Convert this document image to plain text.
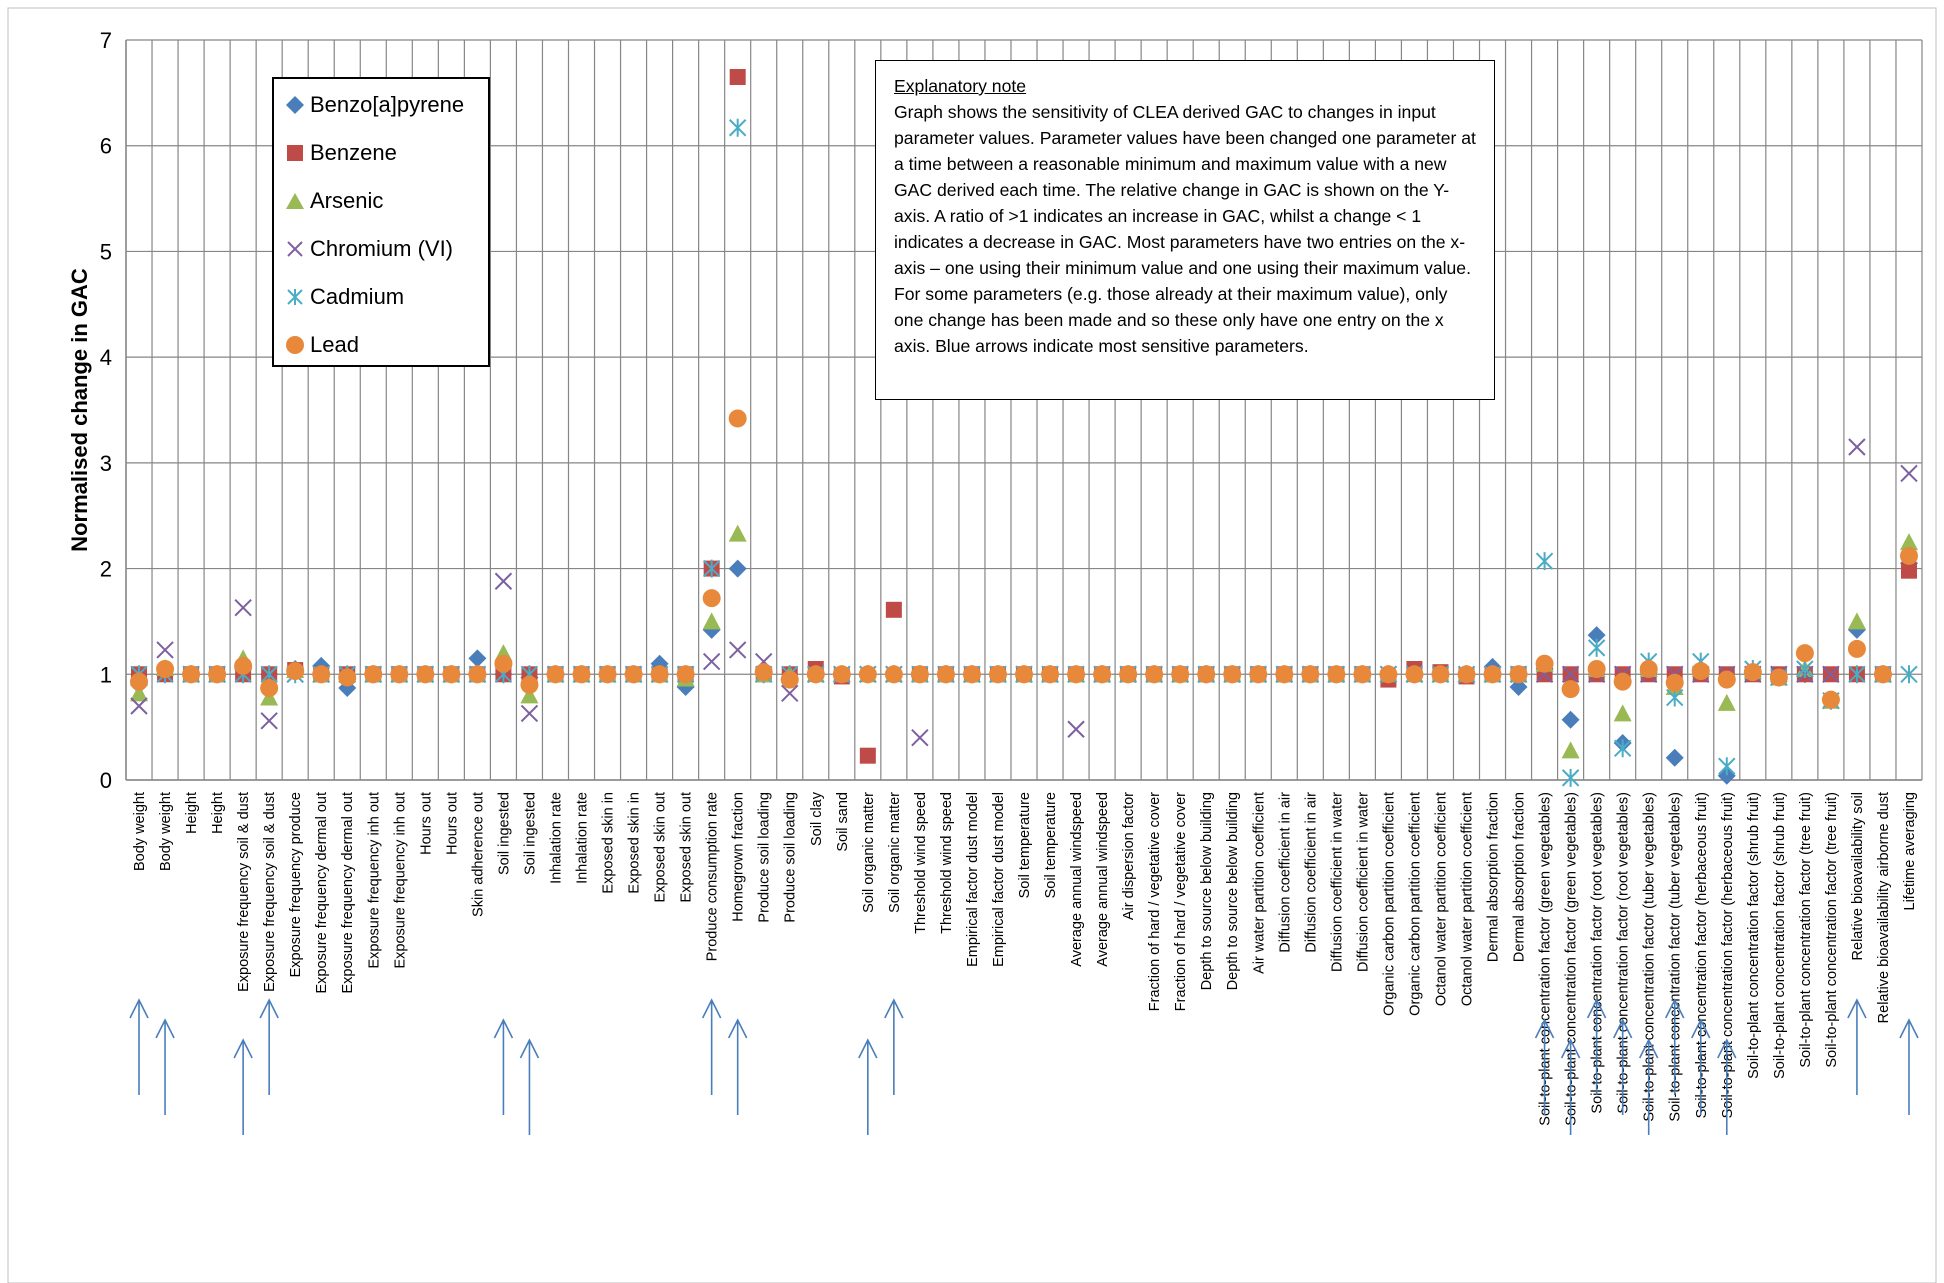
0
1
2
3
4
5
6
7
Body weight Body weight Height Height Exposure frequency soil & dust Exposure frequency soil & dust Exposure frequency produce Exposure frequency dermal out Exposure frequency dermal out Exposure frequency inh out Exposure frequency inh out Hours out Hours out Skin adherence out Soil ingested Soil ingested Inhalation rate Inhalation rate Exposed skin in Exposed skin in Exposed skin out Exposed skin out Produce consumption rate Homegrown fraction Produce soil loading Produce soil loading Soil clay Soil sand Soil organic matter Soil organic matter Threshold wind speed Threshold wind speed Empirical factor dust model Empirical factor dust model Soil temperature Soil temperature Average annual windspeed Average annual windspeed Air dispersion factor Fraction of hard / vegetative cover Fraction of hard / vegetative cover Depth to source below building Depth to source below building Air water partition coefficient Diffusion coefficient in air Diffusion coefficient in air Diffusion coefficient in water Diffusion coefficient in water Organic carbon partition coefficient Organic carbon partition coefficient Octanol water partition coefficient Octanol water partition coefficient Dermal absorption fraction Dermal absorption fraction Soil-to-plant concentration factor (green vegetables) Soil-to-plant concentration factor (green vegetables) Soil-to-plant concentration factor (root vegetables) Soil-to-plant concentration factor (root vegetables) Soil-to-plant concentration factor (tuber vegetables) Soil-to-plant concentration factor (tuber vegetables) Soil-to-plant concentration factor (herbaceous fruit) Soil-to-plant concentration factor (herbaceous fruit) Soil-to-plant concentration factor (shrub fruit) Soil-to-plant concentration factor (shrub fruit) Soil-to-plant concentration factor (tree fruit) Soil-to-plant concentration factor (tree fruit) Relative bioavailability soil Relative bioavailability airborne dust Lifetime averaging
Normalised change in GAC
Benzo[a]pyrene
Benzene
Arsenic
Chromium (VI)
Cadmium
Lead
Explanatory note

Graph shows the sensitivity of CLEA derived GAC to changes in input parameter values. Parameter values have been changed one parameter at a time between a reasonable minimum and maximum value with a new GAC derived each time. The relative change in GAC is shown on the Y-axis. A ratio of >1 indicates an increase in GAC, whilst a change < 1 indicates a decrease in GAC. Most parameters have two entries on the x-axis – one using their minimum value and one using their maximum value. For some parameters (e.g. those already at their maximum value), only one change has been made and so these only have one entry on the x axis. Blue arrows indicate most sensitive parameters.
